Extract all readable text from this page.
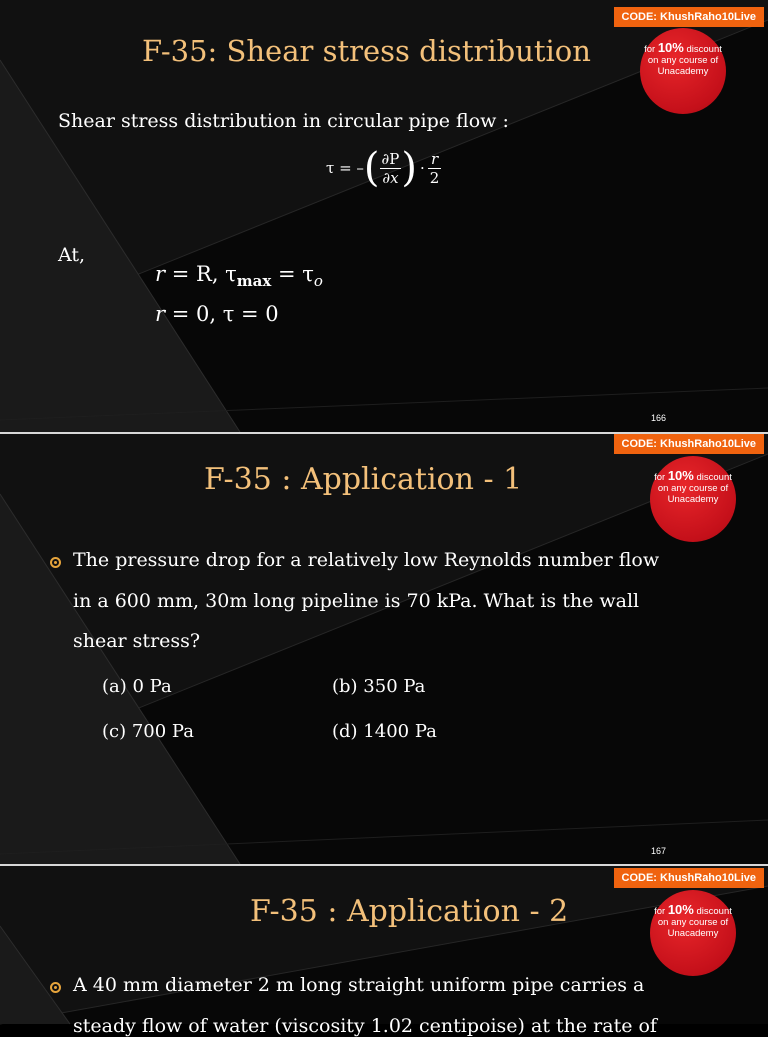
CODE: KhushRaho10Live
for 10% discount
on any course of
Unacademy
F-35: Shear stress distribution
Shear stress distribution in circular pipe flow :
τ = –( $\frac{\partial P}{\partial x}$ ) · $\frac{r}{2}$
At,
r = R, $\tau_{max} = \tau_o$
r = 0, τ = 0
166
CODE: KhushRaho10Live
for 10% discount
on any course of
Unacademy
F-35 : Application - 1
The pressure drop for a relatively low Reynolds number flow
in a 600 mm, 30m long pipeline is 70 kPa. What is the wall
shear stress?
(a) 0 Pa	(b) 350 Pa
(c) 700 Pa	(d) 1400 Pa
167
CODE: KhushRaho10Live
for 10% discount
on any course of
Unacademy
F-35 : Application - 2
A 40 mm diameter 2 m long straight uniform pipe carries a
steady flow of water (viscosity 1.02 centipoise) at the rate of
